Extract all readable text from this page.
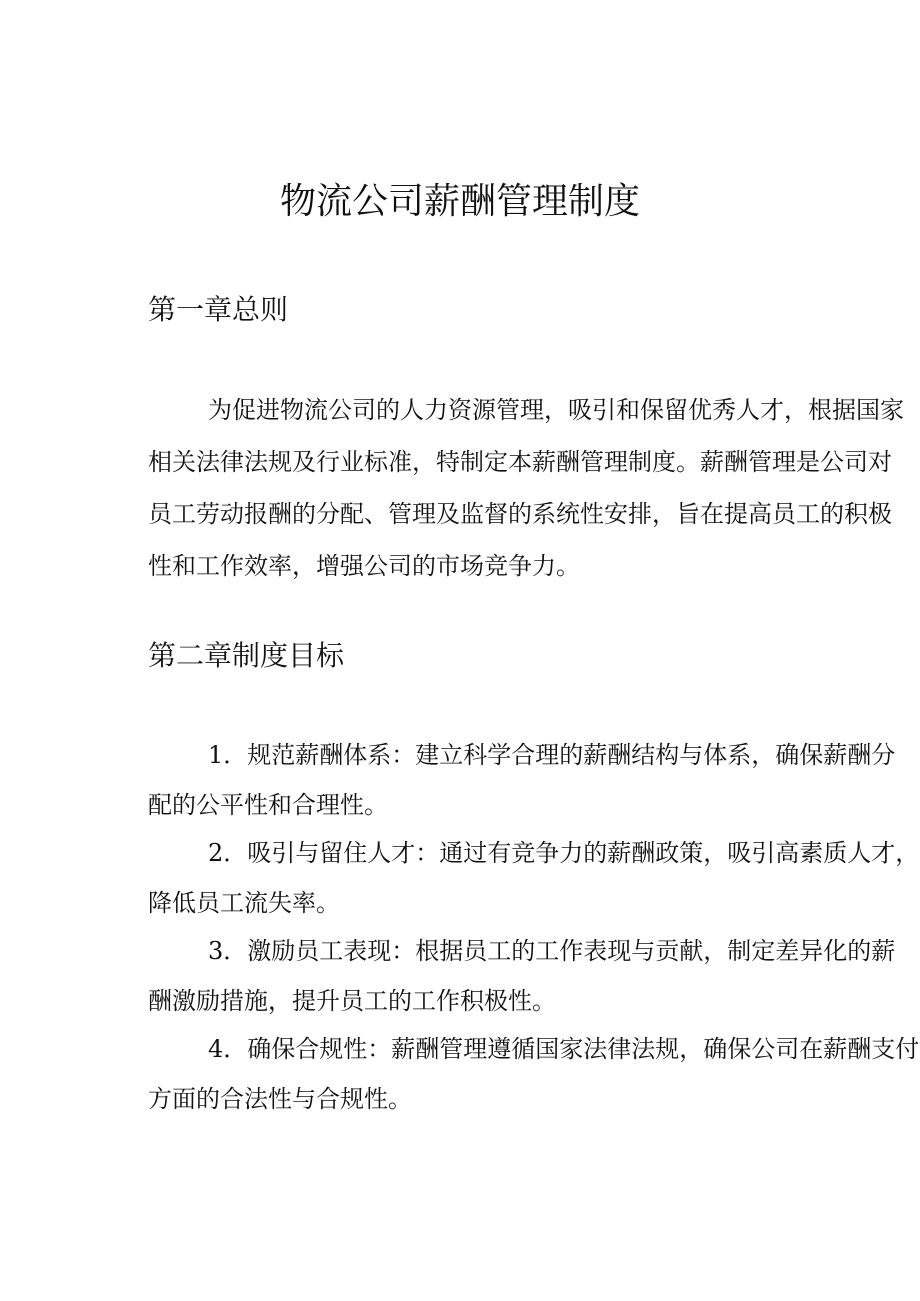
物流公司薪酬管理制度
第一章总则

为促进物流公司的人力资源管理，吸引和保留优秀人才，根据国家
相关法律法规及行业标准，特制定本薪酬管理制度。薪酬管理是公司对
员工劳动报酬的分配、管理及监督的系统性安排，旨在提高员工的积极
性和工作效率，增强公司的市场竞争力。

第二章制度目标
1．规范薪酬体系：建立科学合理的薪酬结构与体系，确保薪酬分
配的公平性和合理性。
2．吸引与留住人才：通过有竞争力的薪酬政策，吸引高素质人才，
降低员工流失率。
3．激励员工表现：根据员工的工作表现与贡献，制定差异化的薪
酬激励措施，提升员工的工作积极性。
4．确保合规性：薪酬管理遵循国家法律法规，确保公司在薪酬支付
方面的合法性与合规性。
